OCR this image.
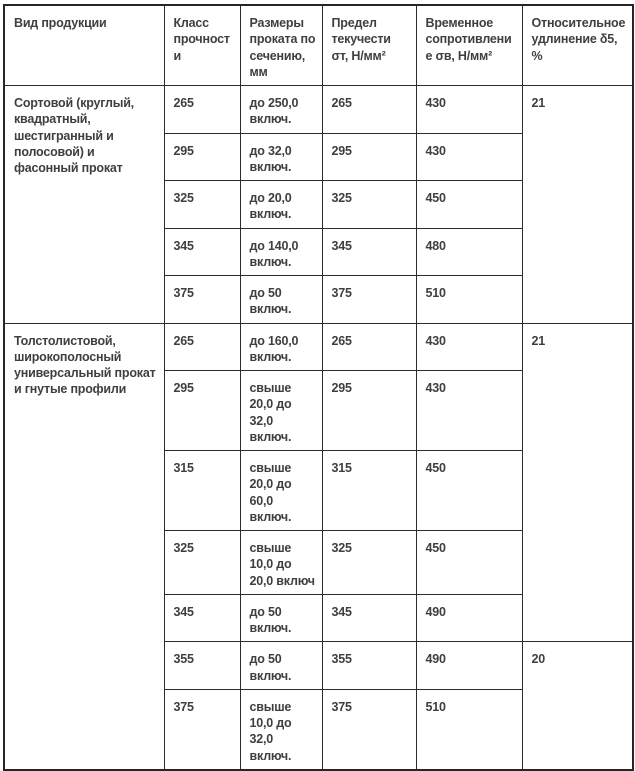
Вид продукции	Класс прочности	Размеры проката по сечению, мм	Предел текучести σт, Н/мм²	Временное сопротивление σв, Н/мм²	Относительное удлинение δ5, %
Сортовой (круглый, квадратный, шестигранный и полосовой) и фасонный прокат	265	до 250,0 включ.	265	430	21
	295	до 32,0 включ.	295	430	
	325	до 20,0 включ.	325	450	
	345	до 140,0 включ.	345	480	
	375	до 50 включ.	375	510	
Толстолистовой, широкополосный универсальный прокат и гнутые профили	265	до 160,0 включ.	265	430	21
	295	свыше 20,0 до 32,0 включ.	295	430	
	315	свыше 20,0 до 60,0 включ.	315	450	
	325	свыше 10,0 до 20,0 включ	325	450	
	345	до 50 включ.	345	490	
	355	до 50 включ.	355	490	20
	375	свыше 10,0 до 32,0 включ.	375	510	
